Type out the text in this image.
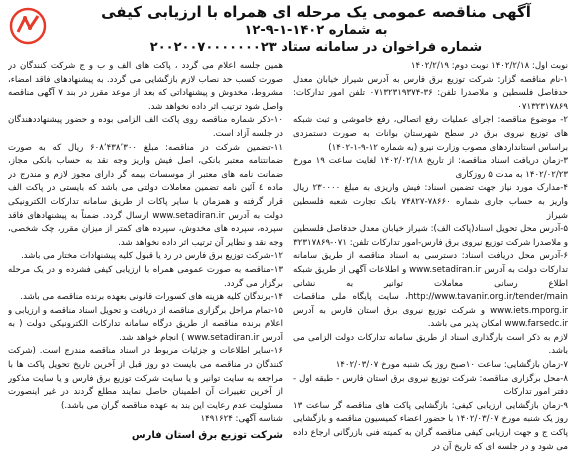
آگهی مناقصه عمومی یک مرحله ای همراه با ارزیابی کیفی
به شماره ۱۴۰۲-۱-۹-۱۲
شماره فراخوان در سامانه ستاد ۲۰۰۲۰۰۷۰۰۰۰۰۰۰۲۳

نوبت اول: ۱۴۰۲/۲/۱۸ نوبت دوم: ۱۴۰۲/۲/۱۹

۱-نام مناقصه گزار: شرکت توزیع برق فارس به آدرس شیراز خیابان معدل حدفاصل فلسطین و ملاصدرا تلفن: ۳۶-۰۷۱۳۲۳۱۹۳۷۴ تلفن امور تدارکات: ۰۷۱۳۲۳۱۷۸۶۹

۲- موضوع مناقصه: اجرای عملیات رفع اتصالی، رفع خاموشی و ثبت شبکه های توزیع نیروی برق در سطح شهرستان بوانات به صورت دستمزدی براساس استانداردهای مصوب وزارت نیرو (به شماره ۱۲-۹-۱-۱۴۰۲)

۳-زمان دریافت اسناد مناقصه: از تاریخ ۱۴۰۲/۰۲/۱۸ لغایت ساعت ۱۹ مورخ ۱۴۰۲/۰۲/۲۳ به مدت ۵ روزکاری

۴-مدارک مورد نیاز جهت تضمین اسناد: فیش واریزی به مبلغ ۲۳۰۰۰۰ ریال واریز به حساب جاری شماره ۷۸۶۶۰-۷۴۸۲۷ بانک تجارت شعبه فلسطین شیراز

۵-آدرس محل تحویل اسناد(پاکت الف): شیراز خیابان معدل حدفاصل فلسطین و ملاصدرا شرکت توزیع نیروی برق فارس-امور تدارکات تلفن: ۰۷۱-۳۲۳۱۷۸۶۹

۶-آدرس محل دریافت اسناد: دسترسی به اسناد مناقصه از طریق سامانه تدارکات دولت به آدرس www.setadiran.ir و اطلاعات آگهی از طریق شبکه اطلاع رسانی معاملات توانیر به نشانی http://www.tavanir.org.ir/tender/main، سایت پایگاه ملی مناقصات www.iets.mporg.ir و شرکت توزیع نیروی برق استان فارس به آدرس www.farsedc.ir امکان پذیر می باشد.

لازم به ذکر است بارگذاری اسناد از طریق سامانه تدارکات دولت الزامی می باشد.

۷-زمان بازگشایی: ساعت ۱۰صبح روز یک شنبه مورخ ۱۴۰۲/۰۳/۰۷

۸-محل برگزاری مناقصه: شرکت توزیع نیروی برق استان فارس - طبقه اول - دفتر امور تدارکات

۹-زمان بازگشایی ارزیابی کیفی: بازگشایی پاکت های مناقصه گر ساعت ۱۳ روز یک شنبه مورخ ۱۴۰۲/۰۳/۰۷ با حضور اعضاء کمیسیون مناقصه و بازگشایی پاکت ج و جهت ارزیابی کیفی مناقصه گران به کمیته فنی بازرگانی ارجاع داده می شود و در جلسه ای که تاریخ آن در

همین جلسه اعلام می گردد ، پاکت های الف و ب و ج شرکت کنندگان در صورت کسب حد نصاب لازم بازگشایی می گردد. به پیشنهادهای فاقد امضاء، مشروط، مخدوش و پیشنهاداتی که بعد از موعد مقرر در بند ۷ آگهی مناقصه واصل شود ترتیب اثر داده نخواهد شد.

۱۰-ذکر شماره مناقصه روی پاکت الف الزامی بوده و حضور پیشنهاددهندگان در جلسه آزاد است.

۱۱-تضمین شرکت در مناقصه: مبلغ ۶۰۸٬۴۳۸٬۳۰۰ ریال که به صورت ضمانتنامه معتبر بانکی، اصل فیش واریز وجه نقد به حساب بانکی مجاز، ضمانت نامه های معتبر از موسسات بیمه گر دارای مجوز لازم و مندرج در ماده ٤ آئین نامه تضمین معاملات دولتی می باشد که بایستی در پاکت الف قرار گرفته و همزمان با سایر پاکات از طریق سامانه تدارکات الکترونیکی دولت به آدرس www.setadiran.ir ارسال گردد. ضمناً به پیشنهادهای فاقد سپرده، سپرده های مخدوش، سپرده های کمتر از میزان مقرر، چک شخصی، وجه نقد و نظایر آن ترتیب اثر داده نخواهد شد.

۱۲-شرکت توزیع برق فارس در رد یا قبول کلیه پیشنهادات مختار می باشد.

۱۳-مناقصه به صورت عمومی همراه با ارزیابی کیفی فشرده و در یک مرحله برگزار می گردد.

۱۴-برندگان کلیه هزینه های کسورات قانونی بعهده برنده مناقصه می باشد.

۱۵-تمام مراحل برگزاری مناقصه از دریافت و تحویل اسناد مناقصه و ارزیابی و اعلام برنده مناقصه از طریق درگاه سامانه تدارکات الکترونیکی دولت ( به آدرس www.setadiran.ir ) انجام خواهد شد.

۱۶-سایر اطلاعات و جزئیات مربوط در اسناد مناقصه مندرج است. (شرکت کنندگان در مناقصه می بایست دو روز قبل از آخرین تاریخ تحویل پاکت ها با مراجعه به سایت توانیر و یا سایت شرکت توزیع برق فارس و یا سایت مذکور از آخرین تغییرات آن اطمینان حاصل نمایند مطلع گردند در غیر اینصورت مسئولیت عدم رعایت این بند به عهده مناقصه گران می باشد.)

شناسه آگهی: ۱۴۹۱۶۲۴

شرکت توزیع برق استان فارس
